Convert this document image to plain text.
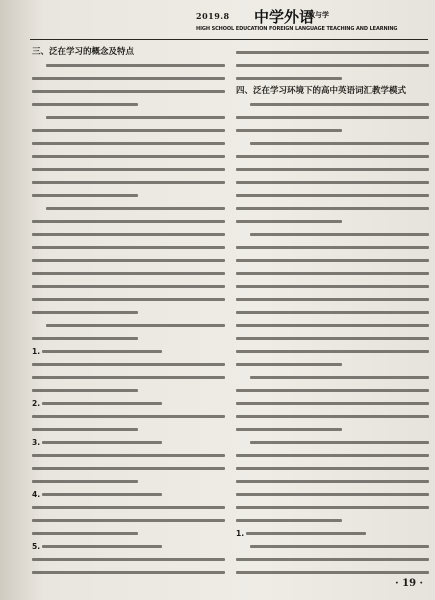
2019.8 中学外语
教与学
HIGH SCHOOL EDUCATION FOREIGN LANGUAGE TEACHING AND LEARNING
三、泛在学习的概念及特点
1.
2.
3.
4.
5.
四、泛在学习环境下的高中英语词汇教学模式
1.
· 19 ·
